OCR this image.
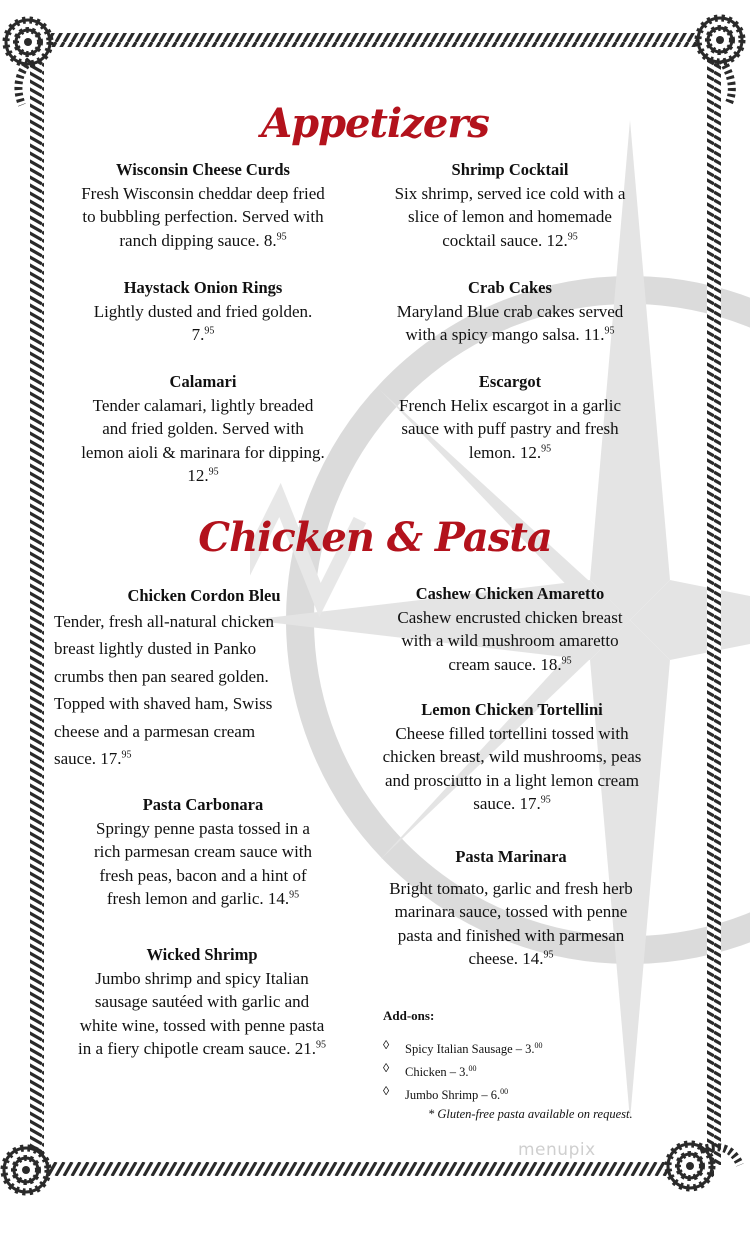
Appetizers
Wisconsin Cheese Curds
Fresh Wisconsin cheddar deep fried
to bubbling perfection. Served with
ranch dipping sauce. 8.95
Shrimp Cocktail
Six shrimp, served ice cold with a
slice of lemon and homemade
cocktail sauce. 12.95
Haystack Onion Rings
Lightly dusted and fried golden.
7.95
Crab Cakes
Maryland Blue crab cakes served
with a spicy mango salsa. 11.95
Calamari
Tender calamari, lightly breaded
and fried golden. Served with
lemon aioli & marinara for dipping.
12.95
Escargot
French Helix escargot in a garlic
sauce with puff pastry and fresh
lemon. 12.95
Chicken & Pasta
Chicken Cordon Bleu
Tender, fresh all-natural chicken
breast lightly dusted in Panko
crumbs then pan seared golden.
Topped with shaved ham, Swiss
cheese and a parmesan cream
sauce. 17.95
Cashew Chicken Amaretto
Cashew encrusted chicken breast
with a wild mushroom amaretto
cream sauce. 18.95
Lemon Chicken Tortellini
Cheese filled tortellini tossed with
chicken breast, wild mushrooms, peas
and prosciutto in a light lemon cream
sauce. 17.95
Pasta Carbonara
Springy penne pasta tossed in a
rich parmesan cream sauce with
fresh peas, bacon and a hint of
fresh lemon and garlic. 14.95
Pasta Marinara
Bright tomato, garlic and fresh herb
marinara sauce, tossed with penne
pasta and finished with parmesan
cheese. 14.95
Wicked Shrimp
Jumbo shrimp and spicy Italian
sausage sautéed with garlic and
white wine, tossed with penne pasta
in a fiery chipotle cream sauce. 21.95
Add-ons:
◊	Spicy Italian Sausage – 3.00
◊	Chicken – 3.00
◊	Jumbo Shrimp – 6.00
* Gluten-free pasta available on request.
menupix
